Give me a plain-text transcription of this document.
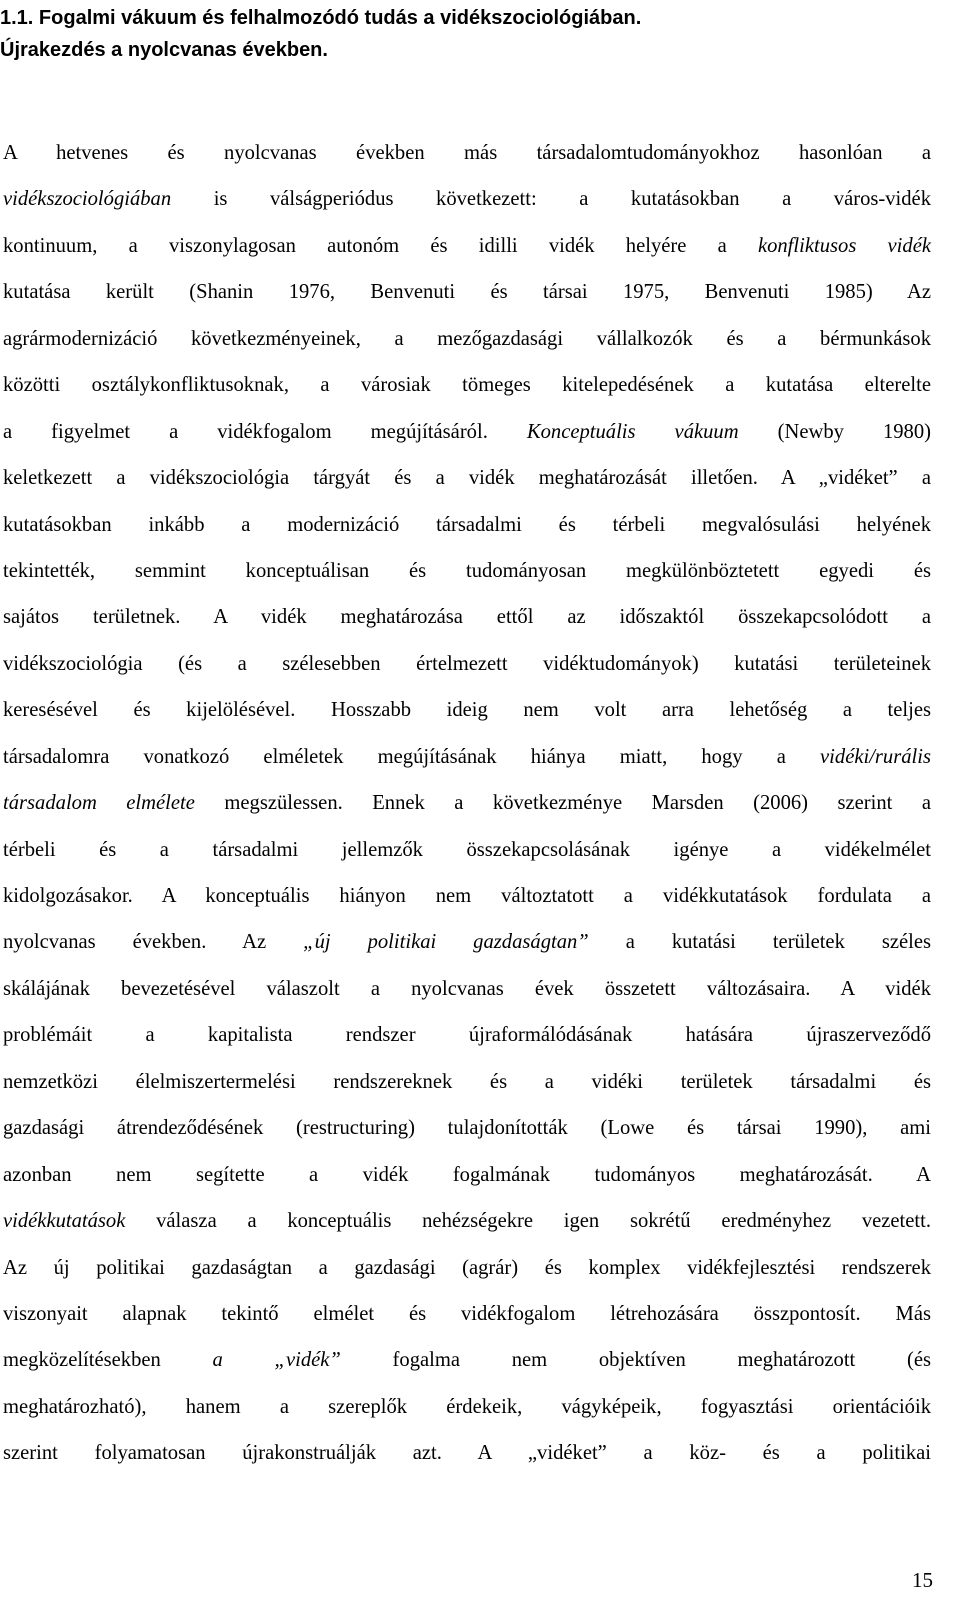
1.1. Fogalmi vákuum és felhalmozódó tudás a vidékszociológiában.
Újrakezdés a nyolcvanas években.
A hetvenes és nyolcvanas években más társadalomtudományokhoz hasonlóan a
vidékszociológiában is válságperiódus következett: a kutatásokban a város-vidék
kontinuum, a viszonylagosan autonóm és idilli vidék helyére a konfliktusos vidék
kutatása került (Shanin 1976, Benvenuti és társai 1975, Benvenuti 1985) Az
agrármodernizáció következményeinek, a mezőgazdasági vállalkozók és a bérmunkások
közötti osztálykonfliktusoknak, a városiak tömeges kitelepedésének a kutatása elterelte
a figyelmet a vidékfogalom megújításáról. Konceptuális vákuum (Newby 1980)
keletkezett a vidékszociológia tárgyát és a vidék meghatározását illetően. A „vidéket” a
kutatásokban inkább a modernizáció társadalmi és térbeli megvalósulási helyének
tekintették, semmint konceptuálisan és tudományosan megkülönböztetett egyedi és
sajátos területnek. A vidék meghatározása ettől az időszaktól összekapcsolódott a
vidékszociológia (és a szélesebben értelmezett vidéktudományok) kutatási területeinek
keresésével és kijelölésével. Hosszabb ideig nem volt arra lehetőség a teljes
társadalomra vonatkozó elméletek megújításának hiánya miatt, hogy a vidéki/rurális
társadalom elmélete megszülessen. Ennek a következménye Marsden (2006) szerint a
térbeli és a társadalmi jellemzők összekapcsolásának igénye a vidékelmélet
kidolgozásakor. A konceptuális hiányon nem változtatott a vidékkutatások fordulata a
nyolcvanas években. Az „új politikai gazdaságtan” a kutatási területek széles
skálájának bevezetésével válaszolt a nyolcvanas évek összetett változásaira. A vidék
problémáit a kapitalista rendszer újraformálódásának hatására újraszerveződő
nemzetközi élelmiszertermelési rendszereknek és a vidéki területek társadalmi és
gazdasági átrendeződésének (restructuring) tulajdonították (Lowe és társai 1990), ami
azonban nem segítette a vidék fogalmának tudományos meghatározását. A
vidékkutatások válasza a konceptuális nehézségekre igen sokrétű eredményhez vezetett.
Az új politikai gazdaságtan a gazdasági (agrár) és komplex vidékfejlesztési rendszerek
viszonyait alapnak tekintő elmélet és vidékfogalom létrehozására összpontosít. Más
megközelítésekben a „vidék” fogalma nem objektíven meghatározott (és
meghatározható), hanem a szereplők érdekeik, vágyképeik, fogyasztási orientációik
szerint folyamatosan újrakonstruálják azt. A „vidéket” a köz- és a politikai
15
